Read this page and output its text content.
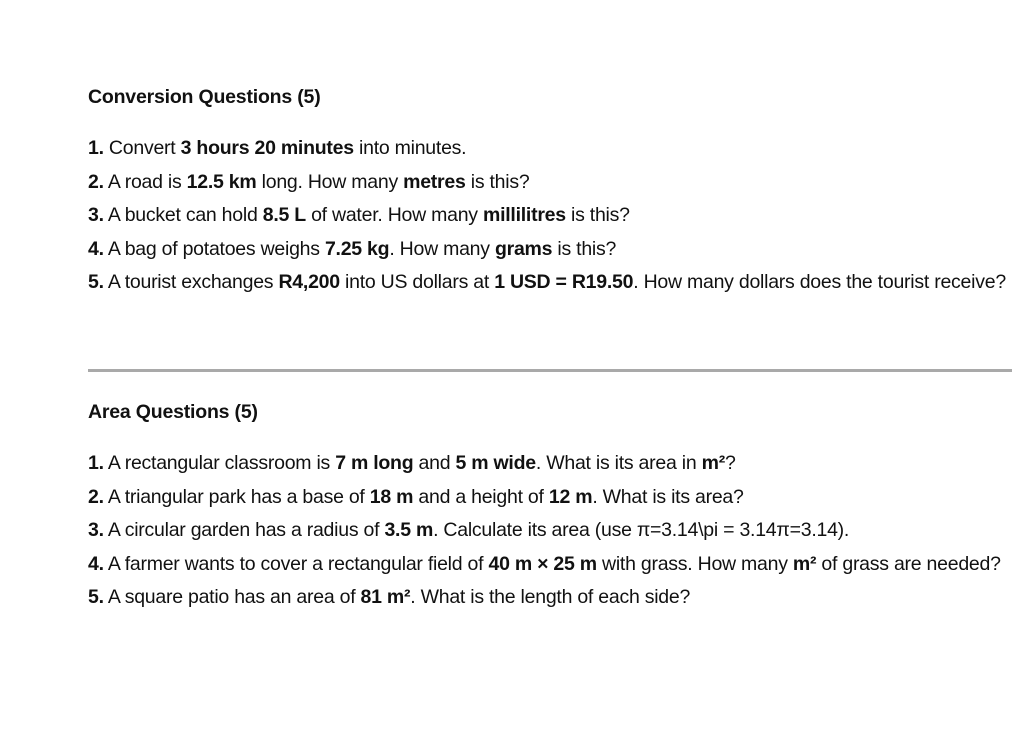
Conversion Questions (5)
1. Convert 3 hours 20 minutes into minutes.
2. A road is 12.5 km long. How many metres is this?
3. A bucket can hold 8.5 L of water. How many millilitres is this?
4. A bag of potatoes weighs 7.25 kg. How many grams is this?
5. A tourist exchanges R4,200 into US dollars at 1 USD = R19.50. How many dollars does the tourist receive?
Area Questions (5)
1. A rectangular classroom is 7 m long and 5 m wide. What is its area in m²?
2. A triangular park has a base of 18 m and a height of 12 m. What is its area?
3. A circular garden has a radius of 3.5 m. Calculate its area (use π=3.14\pi = 3.14π=3.14).
4. A farmer wants to cover a rectangular field of 40 m × 25 m with grass. How many m² of grass are needed?
5. A square patio has an area of 81 m². What is the length of each side?
